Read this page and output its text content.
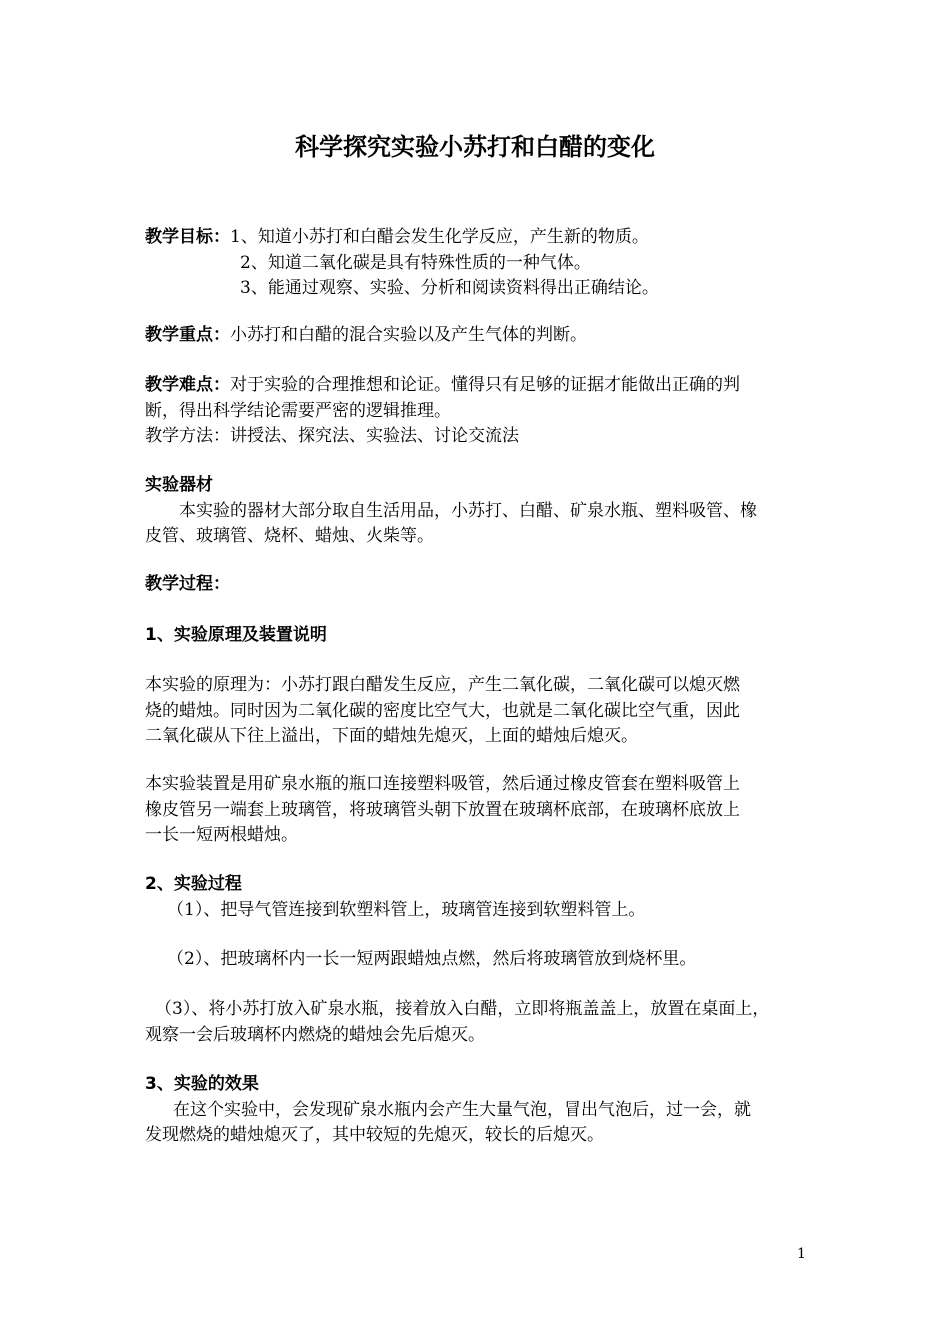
科学探究实验小苏打和白醋的变化
教学目标：1、知道小苏打和白醋会发生化学反应，产生新的物质。
2、知道二氧化碳是具有特殊性质的一种气体。
3、能通过观察、实验、分析和阅读资料得出正确结论。
教学重点：小苏打和白醋的混合实验以及产生气体的判断。
教学难点：对于实验的合理推想和论证。懂得只有足够的证据才能做出正确的判
断，得出科学结论需要严密的逻辑推理。
教学方法：讲授法、探究法、实验法、讨论交流法
实验器材
本实验的器材大部分取自生活用品，小苏打、白醋、矿泉水瓶、塑料吸管、橡
皮管、玻璃管、烧杯、蜡烛、火柴等。
教学过程：
1、实验原理及装置说明
本实验的原理为：小苏打跟白醋发生反应，产生二氧化碳，二氧化碳可以熄灭燃
烧的蜡烛。同时因为二氧化碳的密度比空气大，也就是二氧化碳比空气重，因此
二氧化碳从下往上溢出，下面的蜡烛先熄灭，上面的蜡烛后熄灭。
本实验装置是用矿泉水瓶的瓶口连接塑料吸管，然后通过橡皮管套在塑料吸管上
橡皮管另一端套上玻璃管，将玻璃管头朝下放置在玻璃杯底部，在玻璃杯底放上
一长一短两根蜡烛。
2、实验过程
（1）、把导气管连接到软塑料管上，玻璃管连接到软塑料管上。
（2）、把玻璃杯内一长一短两跟蜡烛点燃，然后将玻璃管放到烧杯里。
（3）、将小苏打放入矿泉水瓶，接着放入白醋，立即将瓶盖盖上，放置在桌面上，
观察一会后玻璃杯内燃烧的蜡烛会先后熄灭。
3、实验的效果
在这个实验中，会发现矿泉水瓶内会产生大量气泡，冒出气泡后，过一会，就
发现燃烧的蜡烛熄灭了，其中较短的先熄灭，较长的后熄灭。
1
